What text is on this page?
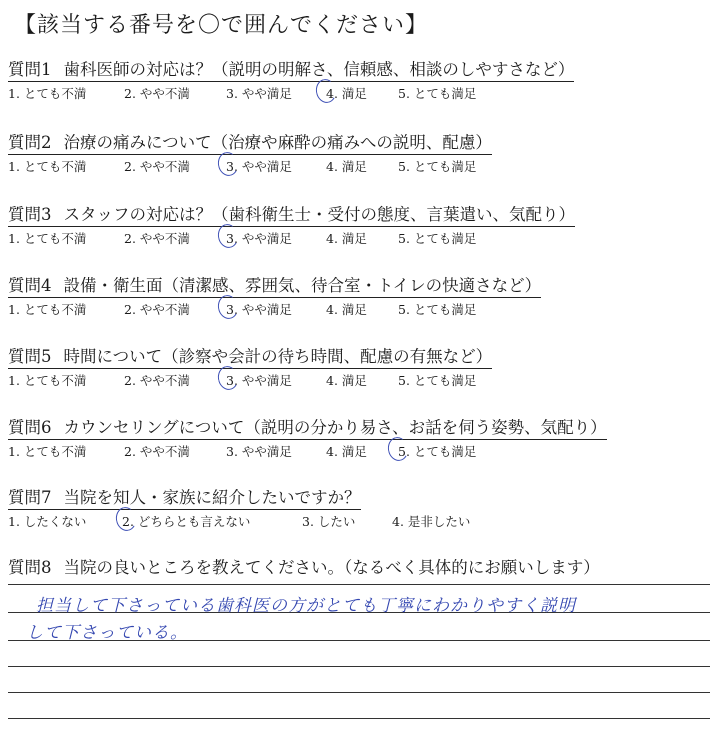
【該当する番号を〇で囲んでください】
質問1 歯科医師の対応は？（説明の明解さ、信頼感、相談のしやすさなど）
1. とても不満	2. やや不満	3. やや満足	4. 満足 5. とても満足
質問2 治療の痛みについて（治療や麻酔の痛みへの説明、配慮）
1. とても不満	2. やや不満	3. やや満足	4. 満足 5. とても満足
質問3 スタッフの対応は？（歯科衛生士・受付の態度、言葉遣い、気配り）
1. とても不満	2. やや不満	3. やや満足	4. 満足 5. とても満足
質問4 設備・衛生面（清潔感、雰囲気、待合室・トイレの快適さなど）
1. とても不満	2. やや不満	3. やや満足	4. 満足 5. とても満足
質問5 時間について（診察や会計の待ち時間、配慮の有無など）
1. とても不満	2. やや不満	3. やや満足	4. 満足 5. とても満足
質問6 カウンセリングについて（説明の分かり易さ、お話を伺う姿勢、気配り）
1. とても不満	2. やや不満	3. やや満足	4. 満足 5. とても満足
質問7 当院を知人・家族に紹介したいですか？
1. したくない	2. どちらとも言えない	3. したい	4. 是非したい
質問8 当院の良いところを教えてください。（なるべく具体的にお願いします）
担当して下さっている歯科医の方がとても丁寧にわかりやすく説明
して下さっている。
